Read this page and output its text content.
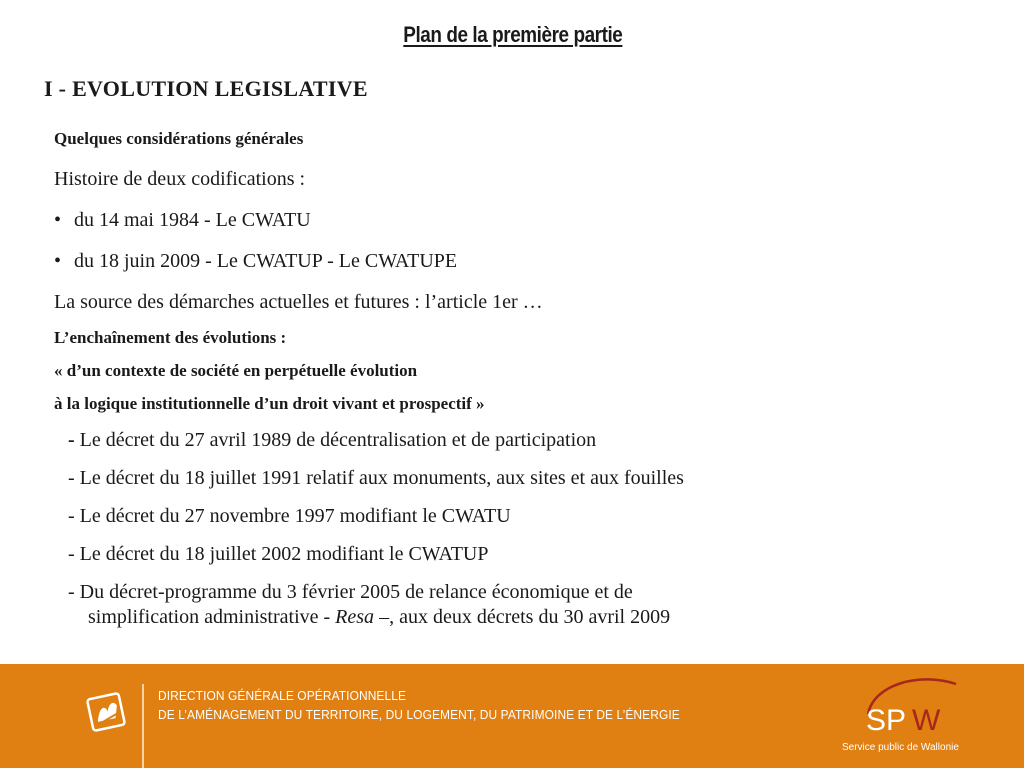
Plan de la première partie
I - EVOLUTION LEGISLATIVE
Quelques considérations générales
Histoire de deux codifications :
• du 14 mai 1984 - Le CWATU
• du 18 juin 2009 - Le CWATUP - Le CWATUPE
La source des démarches actuelles et futures : l’article 1er …
L’enchaînement des évolutions :
« d’un contexte de société en perpétuelle évolution
à la logique institutionnelle d’un droit vivant et prospectif »
- Le décret du 27 avril 1989 de décentralisation et de participation
- Le décret du 18 juillet 1991 relatif aux monuments, aux sites et aux fouilles
- Le décret du 27 novembre 1997 modifiant le CWATU
- Le décret du 18 juillet 2002 modifiant le CWATUP
- Du décret-programme du 3 février 2005 de relance économique et de
simplification administrative - Resa –, aux deux décrets du 30 avril 2009
DIRECTION GÉNÉRALE OPÉRATIONNELLE
DE L’AMÉNAGEMENT DU TERRITOIRE, DU LOGEMENT, DU PATRIMOINE ET DE L’ÉNERGIE	SP W
Service public de Wallonie
